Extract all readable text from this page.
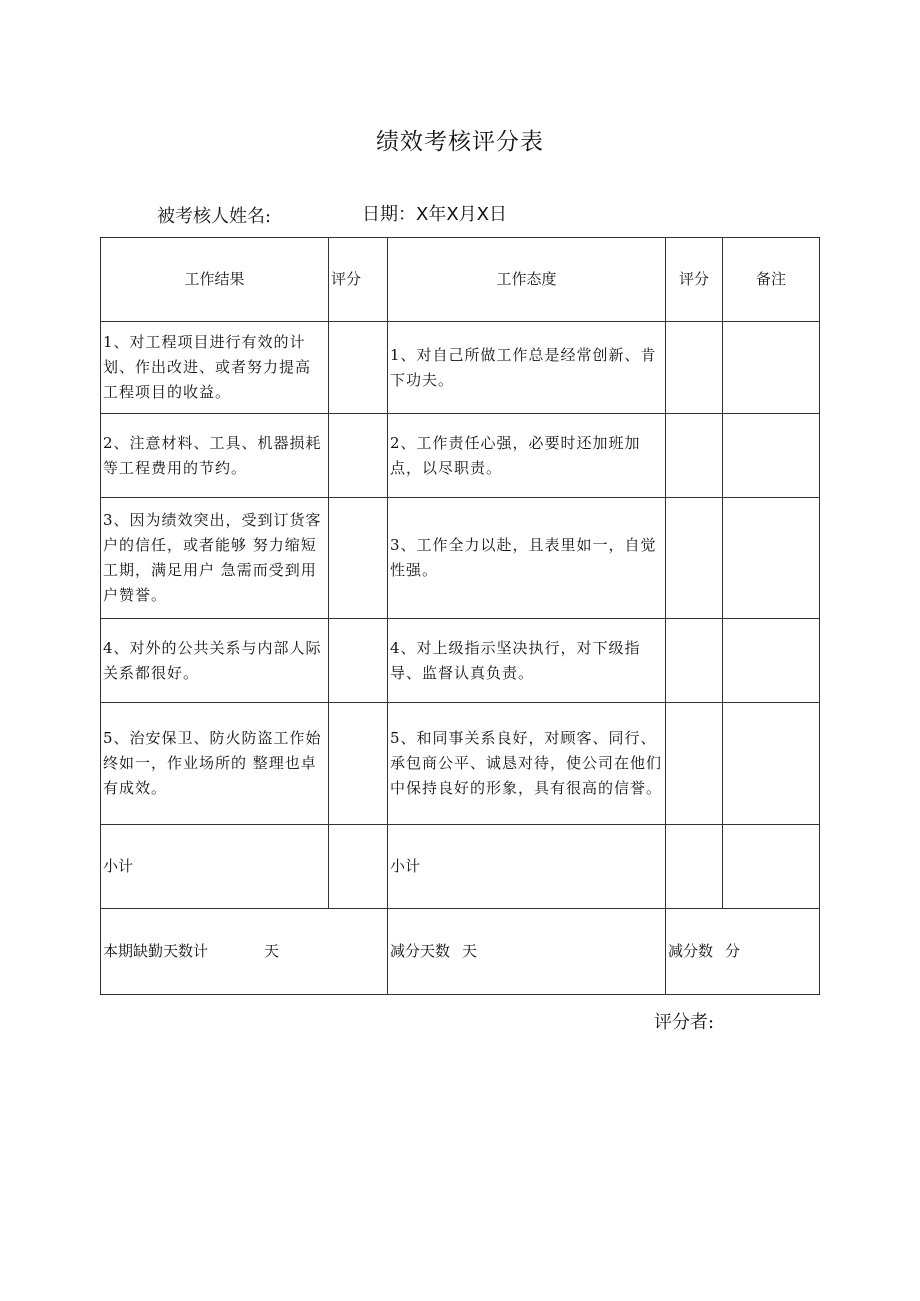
绩效考核评分表
被考核人姓名:	日期：X年X月X日
工作结果	评分	工作态度	评分	备注
1、对工程项目进行有效的计划、作出改进、或者努力提高工程项目的收益。		1、对自己所做工作总是经常创新、肯下功夫。		
2、注意材料、工具、机器损耗等工程费用的节约。		2、工作责任心强，必要时还加班加点，以尽职责。		
3、因为绩效突出，受到订货客户的信任，或者能够 努力缩短工期，满足用户 急需而受到用户赞誉。		3、工作全力以赴，且表里如一，自觉性强。		
4、对外的公共关系与内部人际关系都很好。		4、对上级指示坚决执行，对下级指导、监督认真负责。		
5、治安保卫、防火防盗工作始终如一，作业场所的 整理也卓有成效。		5、和同事关系良好，对顾客、同行、承包商公平、诚恳对待，使公司在他们中保持良好的形象，具有很高的信誉。		
小计		小计		
本期缺勤天数计 天		减分天数 天	减分数 分	
评分者:
